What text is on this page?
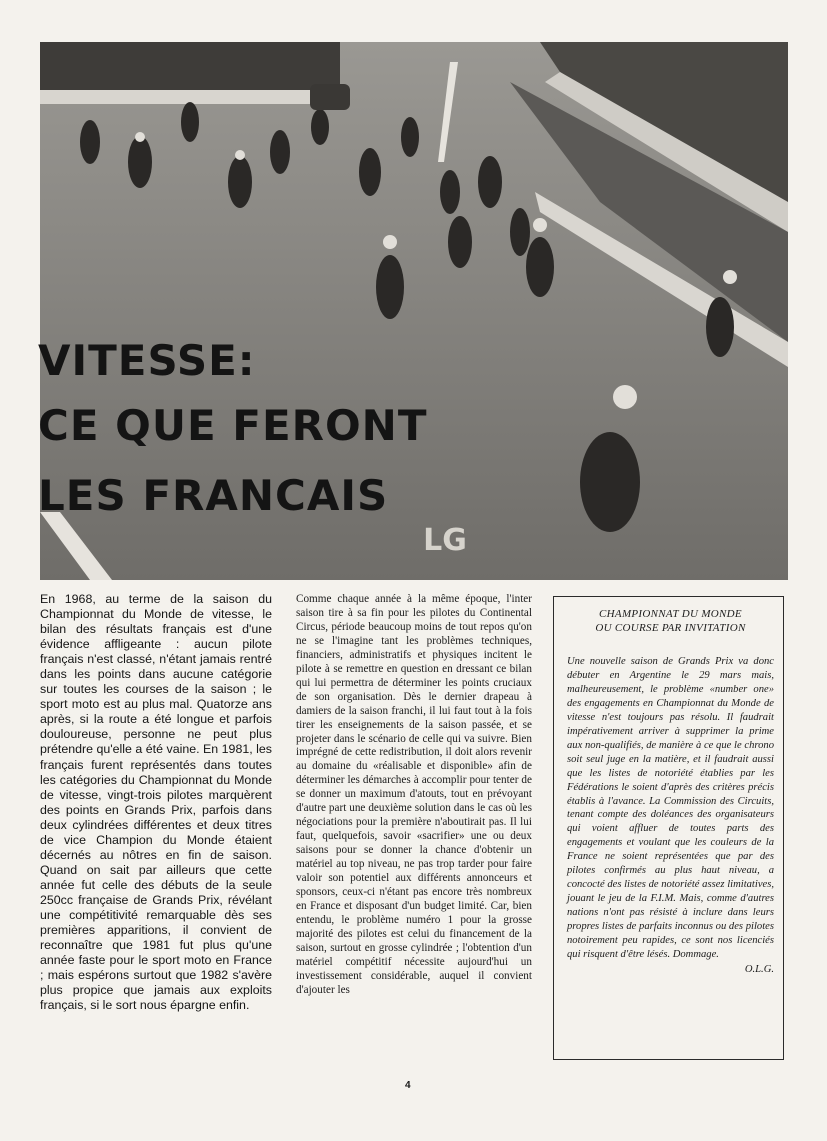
VITESSE:
CE QUE FERONT
LES FRANCAIS
LG

En 1968, au terme de la saison du Championnat du Monde de vitesse, le bilan des résultats français est d'une évidence affligeante : aucun pilote français n'est classé, n'étant jamais rentré dans les points dans aucune catégorie sur toutes les courses de la saison ; le sport moto est au plus mal. Quatorze ans après, si la route a été longue et parfois douloureuse, personne ne peut plus prétendre qu'elle a été vaine. En 1981, les français furent représentés dans toutes les catégories du Championnat du Monde de vitesse, vingt-trois pilotes marquèrent des points en Grands Prix, parfois dans deux cylindrées différentes et deux titres de vice Champion du Monde étaient décernés au nôtres en fin de saison. Quand on sait par ailleurs que cette année fut celle des débuts de la seule 250cc française de Grands Prix, révélant une compétitivité remarquable dès ses premières apparitions, il convient de reconnaître que 1981 fut plus qu'une année faste pour le sport moto en France ; mais espérons surtout que 1982 s'avère plus propice que jamais aux exploits français, si le sort nous épargne enfin.

Comme chaque année à la même époque, l'inter saison tire à sa fin pour les pilotes du Continental Circus, période beaucoup moins de tout repos qu'on ne se l'imagine tant les problèmes techniques, financiers, administratifs et physiques incitent le pilote à se remettre en question en dressant ce bilan qui lui permettra de déterminer les points cruciaux de son organisation. Dès le dernier drapeau à damiers de la saison franchi, il lui faut tout à la fois tirer les enseignements de la saison passée, et se projeter dans le scénario de celle qui va suivre. Bien imprégné de cette redistribution, il doit alors revenir au domaine du «réalisable et disponible» afin de déterminer les démarches à accomplir pour tenter de se donner un maximum d'atouts, tout en prévoyant d'autre part une deuxième solution dans le cas où les négociations pour la première n'aboutirait pas. Il lui faut, quelquefois, savoir «sacrifier» une ou deux saisons pour se donner la chance d'obtenir un matériel au top niveau, ne pas trop tarder pour faire valoir son potentiel aux différents annonceurs et sponsors, ceux-ci n'étant pas encore très nombreux en France et disposant d'un budget limité. Car, bien entendu, le problème numéro 1 pour la grosse majorité des pilotes est celui du financement de la saison, surtout en grosse cylindrée ; l'obtention d'un matériel compétitif nécessite aujourd'hui un investissement considérable, auquel il convient d'ajouter les

CHAMPIONNAT DU MONDE
OU COURSE PAR INVITATION

Une nouvelle saison de Grands Prix va donc débuter en Argentine le 29 mars mais, malheureusement, le problème «number one» des engagements en Championnat du Monde de vitesse n'est toujours pas résolu. Il faudrait impérativement arriver à supprimer la prime aux non-qualifiés, de manière à ce que le chrono soit seul juge en la matière, et il faudrait aussi que les listes de notoriété établies par les Fédérations le soient d'après des critères précis établis à l'avance. La Commission des Circuits, tenant compte des doléances des organisateurs qui voient affluer de toutes parts des engagements et voulant que les couleurs de la France ne soient représentées que par des pilotes confirmés au plus haut niveau, a concocté des listes de notoriété assez limitatives, jouant le jeu de la F.I.M. Mais, comme d'autres nations n'ont pas résisté à inclure dans leurs propres listes de parfaits inconnus ou des pilotes notoirement peu rapides, ce sont nos licenciés qui risquent d'être lésés. Dommage.

O.L.G.

4
